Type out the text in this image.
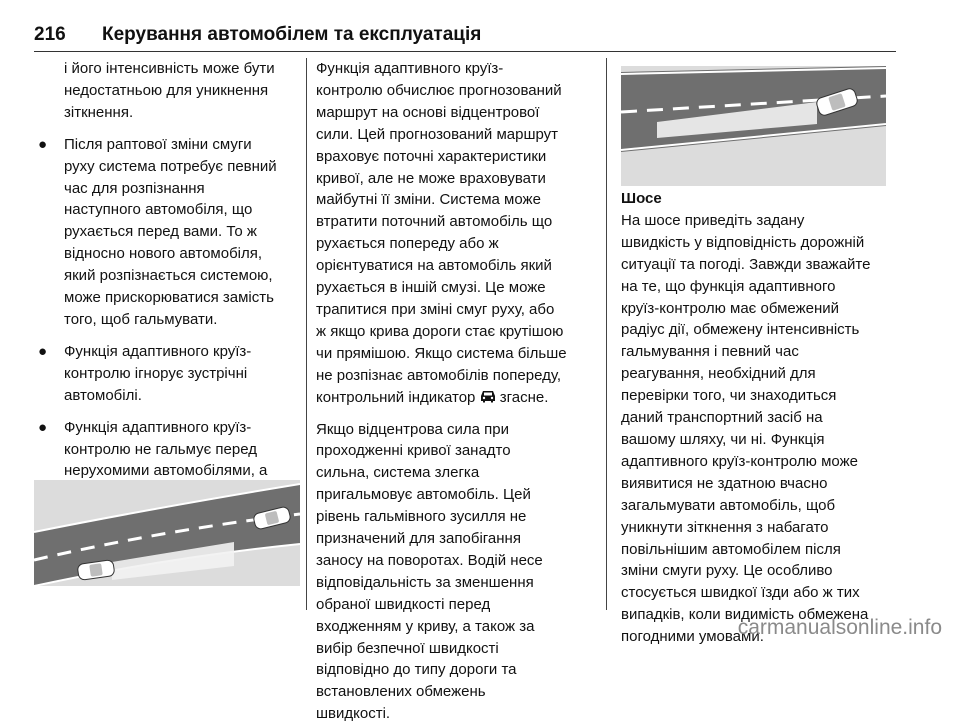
216 Керування автомобілем та експлуатація

і його інтенсивність може бути
недостатньою для уникнення
зіткнення.

● Після раптової зміни смуги
руху система потребує певний
час для розпізнання
наступного автомобіля, що
рухається перед вами. То ж
відносно нового автомобіля,
який розпізнається системою,
може прискорюватися замість
того, щоб гальмувати.

● Функція адаптивного круїз-
контролю ігнорує зустрічні
автомобілі.

● Функція адаптивного круїз-
контролю не гальмує перед
нерухомими автомобілями, а

Функція адаптивного круїз-
контролю обчислює прогнозований
маршрут на основі відцентрової
сили. Цей прогнозований маршрут
враховує поточні характеристики
кривої, але не може враховувати
майбутні її зміни. Система може
втратити поточний автомобіль що
рухається попереду або ж
орієнтуватися на автомобіль який
рухається в іншій смузі. Це може
трапитися при зміні смуг руху, або
ж якщо крива дороги стає крутішою
чи прямішою. Якщо система більше
не розпізнає автомобілів попереду,
контрольний індикатор згасне.

Якщо відцентрова сила при
проходженні кривої занадто
сильна, система злегка
пригальмовує автомобіль. Цей
рівень гальмівного зусилля не
призначений для запобігання
заносу на поворотах. Водій несе
відповідальність за зменшення
обраної швидкості перед
входженням у криву, а також за
вибір безпечної швидкості
відповідно до типу дороги та
встановлених обмежень
швидкості.

Шосе

На шосе приведіть задану
швидкість у відповідність дорожній
ситуації та погоді. Завжди зважайте
на те, що функція адаптивного
круїз-контролю має обмежений
радіус дії, обмежену інтенсивність
гальмування і певний час
реагування, необхідний для
перевірки того, чи знаходиться
даний транспортний засіб на
вашому шляху, чи ні. Функція
адаптивного круїз-контролю може
виявитися не здатною вчасно
загальмувати автомобіль, щоб
уникнути зіткнення з набагато
повільнішим автомобілем після
зміни смуги руху. Це особливо
стосується швидкої їзди або ж тих
випадків, коли видимість обмежена
погодними умовами.

carmanualsonline.info
